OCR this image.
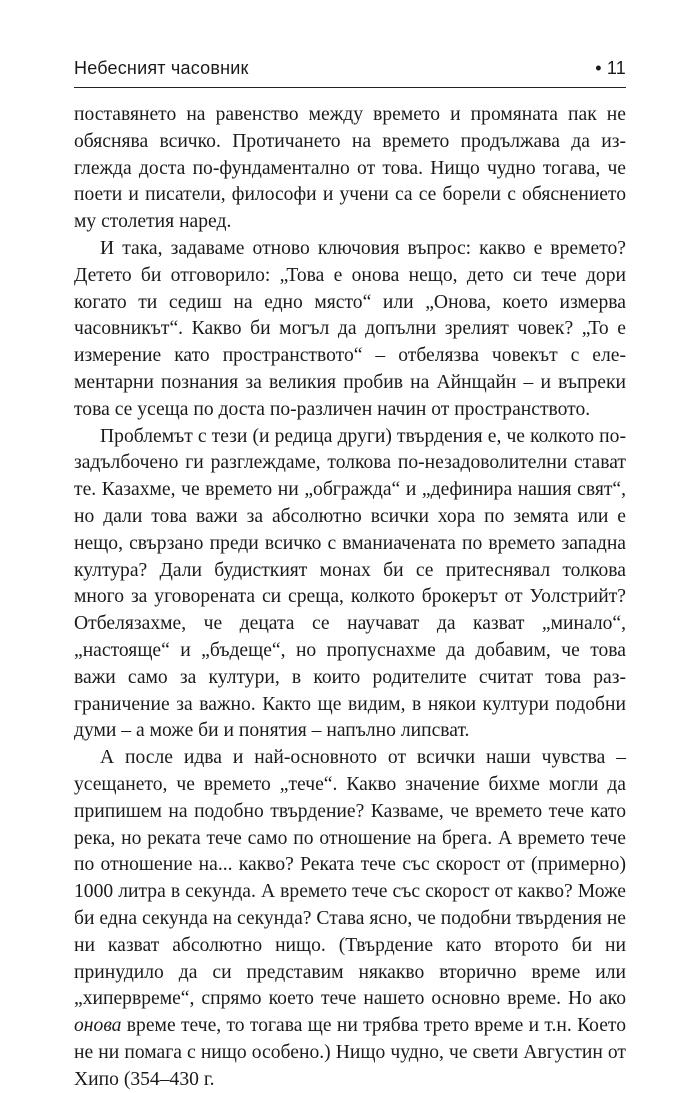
Небесният часовник	• 11

поставянето на равенство между времето и промяната пак не обяснява всичко. Протичането на времето продължава да изглежда доста по-фундаментално от това. Нищо чудно тогава, че поети и писатели, философи и учени са се борели с обяснението му столетия наред.

И така, задаваме отново ключовия въпрос: какво е времето? Детето би отговорило: „Това е онова нещо, дето си тече дори когато ти седиш на едно място“ или „Онова, което измерва часовникът“. Какво би могъл да допълни зрелият човек? „То е измерение като пространството“ – отбелязва човекът с елементарни познания за великия пробив на Айнщайн – и въпреки това се усеща по доста по-различен начин от пространството.

Проблемът с тези (и редица други) твърдения е, че колкото по-задълбочено ги разглеждаме, толкова по-незадоволителни стават те. Казахме, че времето ни „обгражда“ и „дефинира нашия свят“, но дали това важи за абсолютно всички хора по земята или е нещо, свързано преди всичко с вманиачената по времето западна култура? Дали будисткият монах би се притеснявал толкова много за уговорената си среща, колкото брокерът от Уолстрийт? Отбелязахме, че децата се научават да казват „минало“, „настояще“ и „бъдеще“, но пропуснахме да добавим, че това важи само за култури, в които родителите считат това разграничение за важно. Както ще видим, в някои култури подобни думи – а може би и понятия – напълно липсват.

А после идва и най-основното от всички наши чувства – усещането, че времето „тече“. Какво значение бихме могли да припишем на подобно твърдение? Казваме, че времето тече като река, но реката тече само по отношение на брега. А времето тече по отношение на... какво? Реката тече със скорост от (примерно) 1000 литра в секунда. А времето тече със скорост от какво? Може би една секунда на секунда? Става ясно, че подобни твърдения не ни казват абсолютно нищо. (Твърдение като второто би ни принудило да си представим някакво вторично време или „хипервреме“, спрямо което тече нашето основно време. Но ако онова време тече, то тогава ще ни трябва трето време и т.н. Което не ни помага с нищо особено.) Нищо чудно, че свети Августин от Хипо (354–430 г.
